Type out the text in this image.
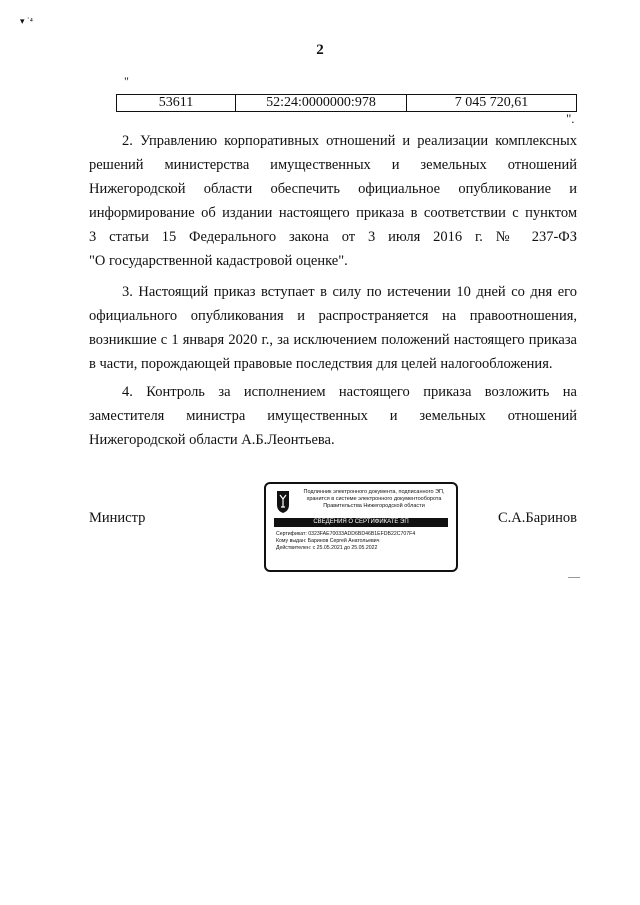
▾ ˙⁴
2
"
53611	52:24:0000000:978	7 045 720,61
".
2. Управлению корпоративных отношений и реализации комплексных
решений министерства имущественных и земельных отношений
Нижегородской области обеспечить официальное опубликование и
информирование об издании настоящего приказа в соответствии с пунктом
3 статьи 15 Федерального закона от 3 июля 2016 г. № 237-ФЗ
"О государственной кадастровой оценке".
3. Настоящий приказ вступает в силу по истечении 10 дней со дня его
официального опубликования и распространяется на правоотношения,
возникшие с 1 января 2020 г., за исключением положений настоящего приказа
в части, порождающей правовые последствия для целей налогообложения.
4. Контроль за исполнением настоящего приказа возложить на
заместителя министра имущественных и земельных отношений
Нижегородской области А.Б.Леонтьева.
Министр
Подлинник электронного документа, подписанного ЭП,
хранится в системе электронного документооборота
Правительства Нижегородской области
СВЕДЕНИЯ О СЕРТИФИКАТЕ ЭП
Сертификат: 0323FAE70033ADD6BD46B1EFDB22C707F4
Кому выдан: Баринов Сергей Анатольевич
Действителен: с 25.05.2021 до 25.05.2022
С.А.Баринов
